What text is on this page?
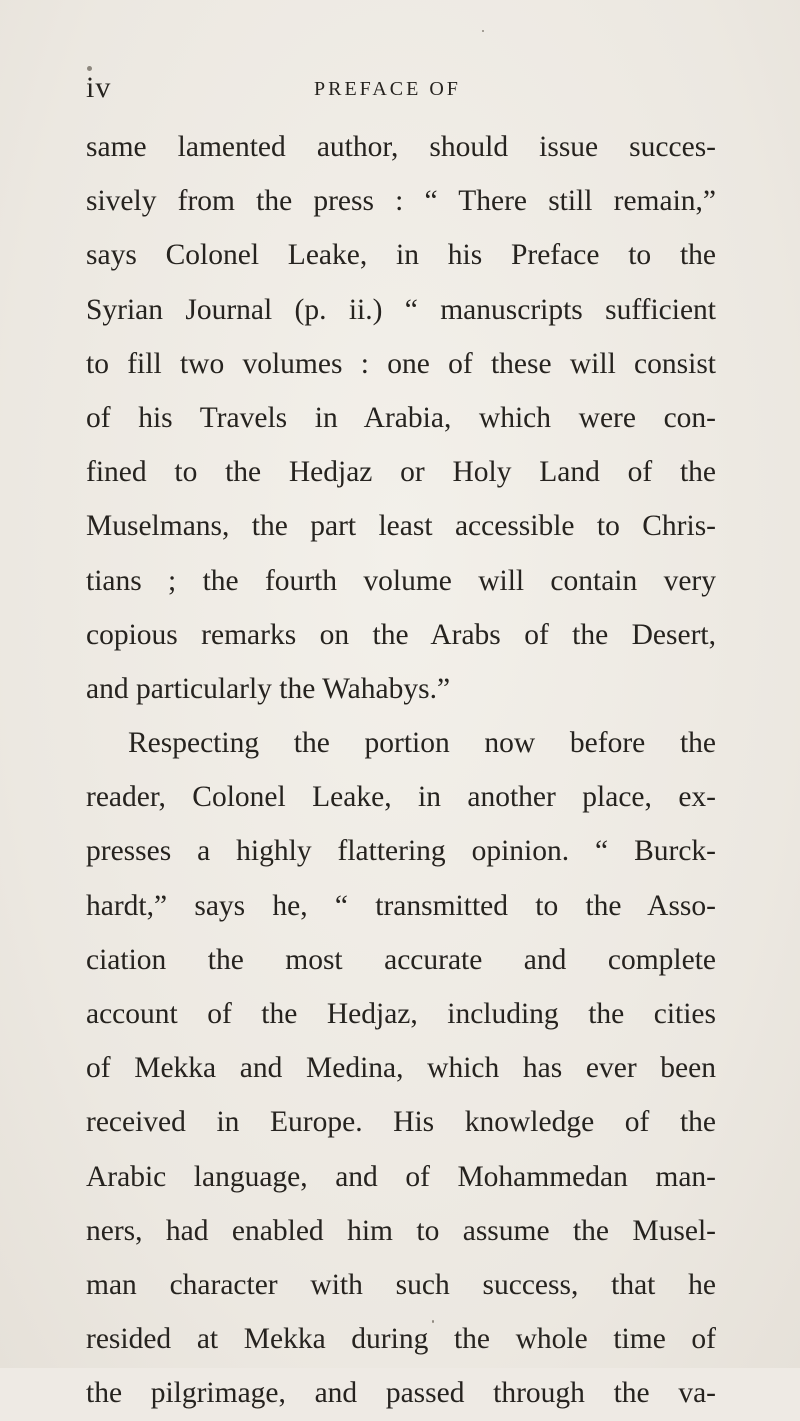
iv	PREFACE OF
same lamented author, should issue succes-
sively from the press : “ There still remain,”
says Colonel Leake, in his Preface to the
Syrian Journal (p. ii.) “ manuscripts sufficient
to fill two volumes : one of these will consist
of his Travels in Arabia, which were con-
fined to the Hedjaz or Holy Land of the
Muselmans, the part least accessible to Chris-
tians ; the fourth volume will contain very
copious remarks on the Arabs of the Desert,
and particularly the Wahabys.”
Respecting the portion now before the
reader, Colonel Leake, in another place, ex-
presses a highly flattering opinion. “ Burck-
hardt,” says he, “ transmitted to the Asso-
ciation the most accurate and complete
account of the Hedjaz, including the cities
of Mekka and Medina, which has ever been
received in Europe. His knowledge of the
Arabic language, and of Mohammedan man-
ners, had enabled him to assume the Musel-
man character with such success, that he
resided at Mekka during the whole time of
the pilgrimage, and passed through the va-
